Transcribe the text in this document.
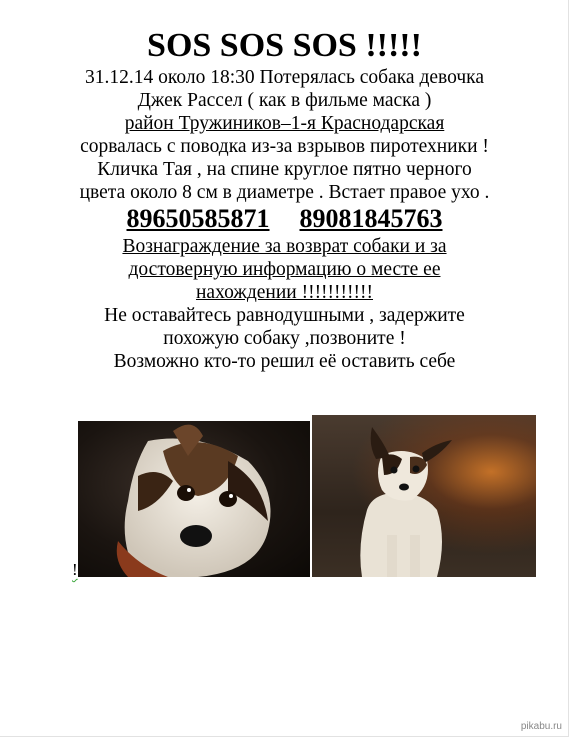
SOS SOS SOS !!!!!
31.12.14 около 18:30 Потерялась собака девочка
Джек Рассел ( как в фильме маска )
район Тружиников–1-я Краснодарская
сорвалась с поводка из-за взрывов пиротехники !
Кличка Тая , на спине круглое пятно черного
цвета около 8 см в диаметре . Встает правое ухо .
89650585871 89081845763
Вознаграждение за возврат собаки и за
достоверную информацию о месте ее
нахождении !!!!!!!!!!!
Не оставайтесь равнодушными , задержите
похожую собаку ,позвоните !
Возможно кто-то решил её оставить себе
!
pikabu.ru
